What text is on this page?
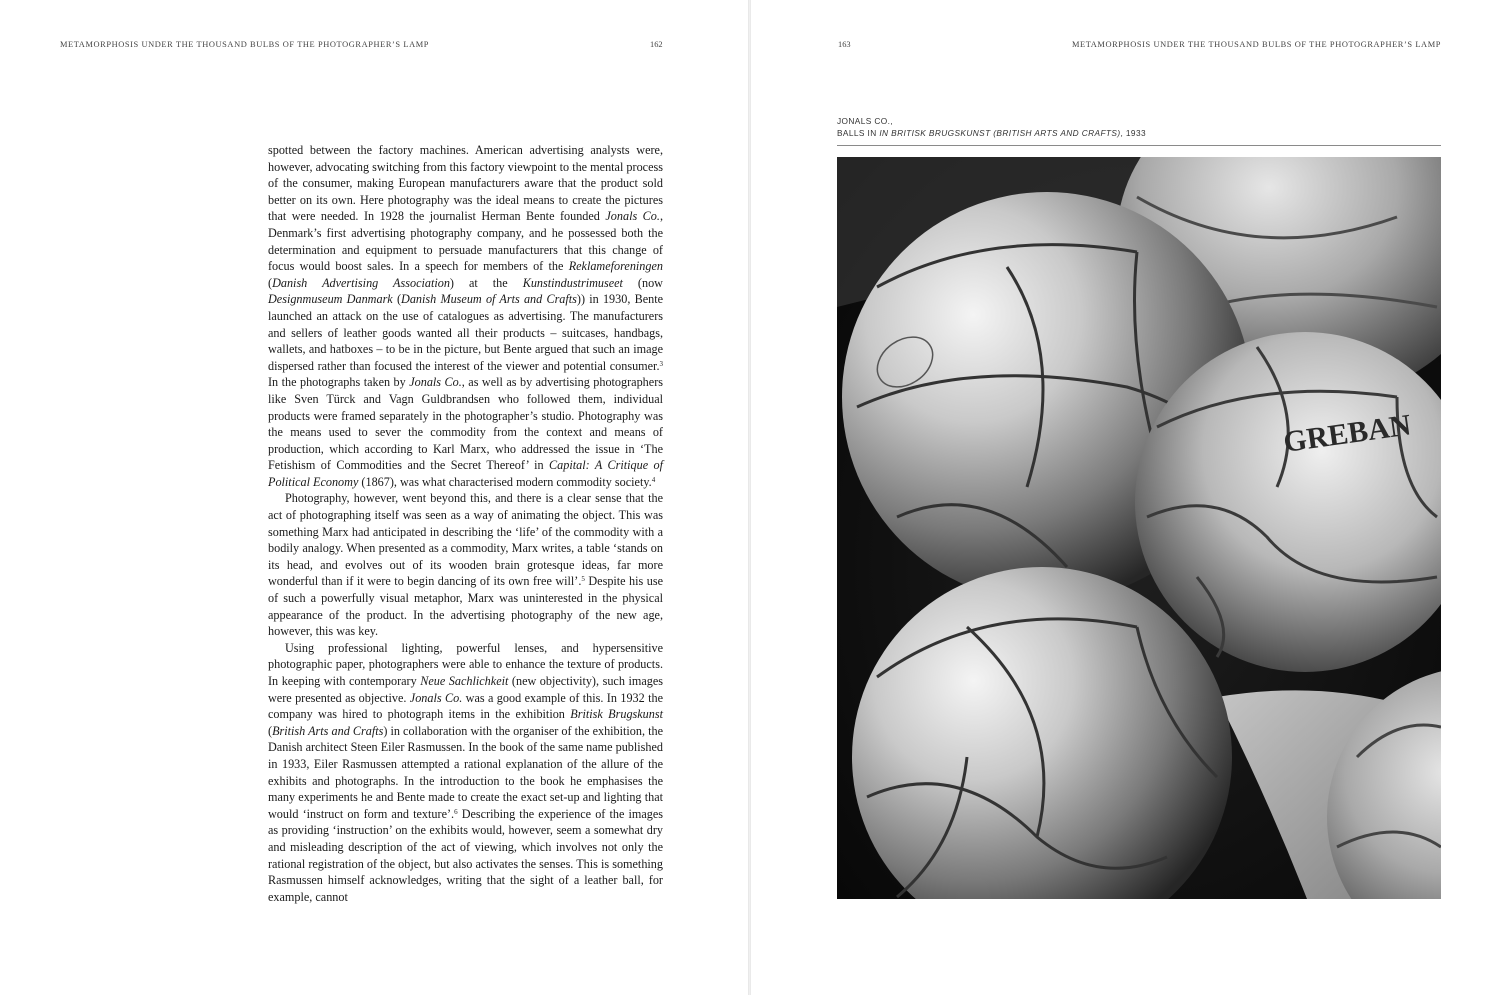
METAMORPHOSIS UNDER THE THOUSAND BULBS OF THE PHOTOGRAPHER’S LAMP	162

spotted between the factory machines. American advertising analysts were, however, advocating switching from this factory viewpoint to the mental process of the consumer, making European manufacturers aware that the product sold better on its own. Here photography was the ideal means to create the pictures that were needed. In 1928 the journalist Herman Bente founded Jonals Co., Denmark’s first advertising photography company, and he possessed both the determination and equipment to persuade manufacturers that this change of focus would boost sales. In a speech for members of the Reklameforeningen (Danish Advertising Association) at the Kunstindustrimuseet (now Designmuseum Danmark (Danish Museum of Arts and Crafts)) in 1930, Bente launched an attack on the use of catalogues as advertising. The manufacturers and sellers of leather goods wanted all their products – suitcases, handbags, wallets, and hatboxes – to be in the picture, but Bente argued that such an image dispersed rather than focused the interest of the viewer and potential consumer.$^3$ In the photographs taken by Jonals Co., as well as by advertising photographers like Sven Türck and Vagn Guldbrandsen who followed them, individual products were framed separately in the photographer’s studio. Photography was the means used to sever the commodity from the context and means of production, which according to Karl Marx, who addressed the issue in ‘The Fetishism of Commodities and the Secret Thereof’ in Capital: A Critique of Political Economy (1867), was what characterised modern commodity society.$^4$

Photography, however, went beyond this, and there is a clear sense that the act of photographing itself was seen as a way of animating the object. This was something Marx had anticipated in describing the ‘life’ of the commodity with a bodily analogy. When presented as a commodity, Marx writes, a table ‘stands on its head, and evolves out of its wooden brain grotesque ideas, far more wonderful than if it were to begin dancing of its own free will’.$^5$ Despite his use of such a powerfully visual metaphor, Marx was uninterested in the physical appearance of the product. In the advertising photography of the new age, however, this was key.

Using professional lighting, powerful lenses, and hypersensitive photographic paper, photographers were able to enhance the texture of products. In keeping with contemporary Neue Sachlichkeit (new objectivity), such images were presented as objective. Jonals Co. was a good example of this. In 1932 the company was hired to photograph items in the exhibition Britisk Brugskunst (British Arts and Crafts) in collaboration with the organiser of the exhibition, the Danish architect Steen Eiler Rasmussen. In the book of the same name published in 1933, Eiler Rasmussen attempted a rational explanation of the allure of the exhibits and photographs. In the introduction to the book he emphasises the many experiments he and Bente made to create the exact set-up and lighting that would ‘instruct on form and texture’.$^6$ Describing the experience of the images as providing ‘instruction’ on the exhibits would, however, seem a somewhat dry and misleading description of the act of viewing, which involves not only the rational registration of the object, but also activates the senses. This is something Rasmussen himself acknowledges, writing that the sight of a leather ball, for example, cannot

163	METAMORPHOSIS UNDER THE THOUSAND BULBS OF THE PHOTOGRAPHER’S LAMP
JONALS CO.,
BALLS IN IN BRITISK BRUGSKUNST (BRITISH ARTS AND CRAFTS), 1933
GREBAN
